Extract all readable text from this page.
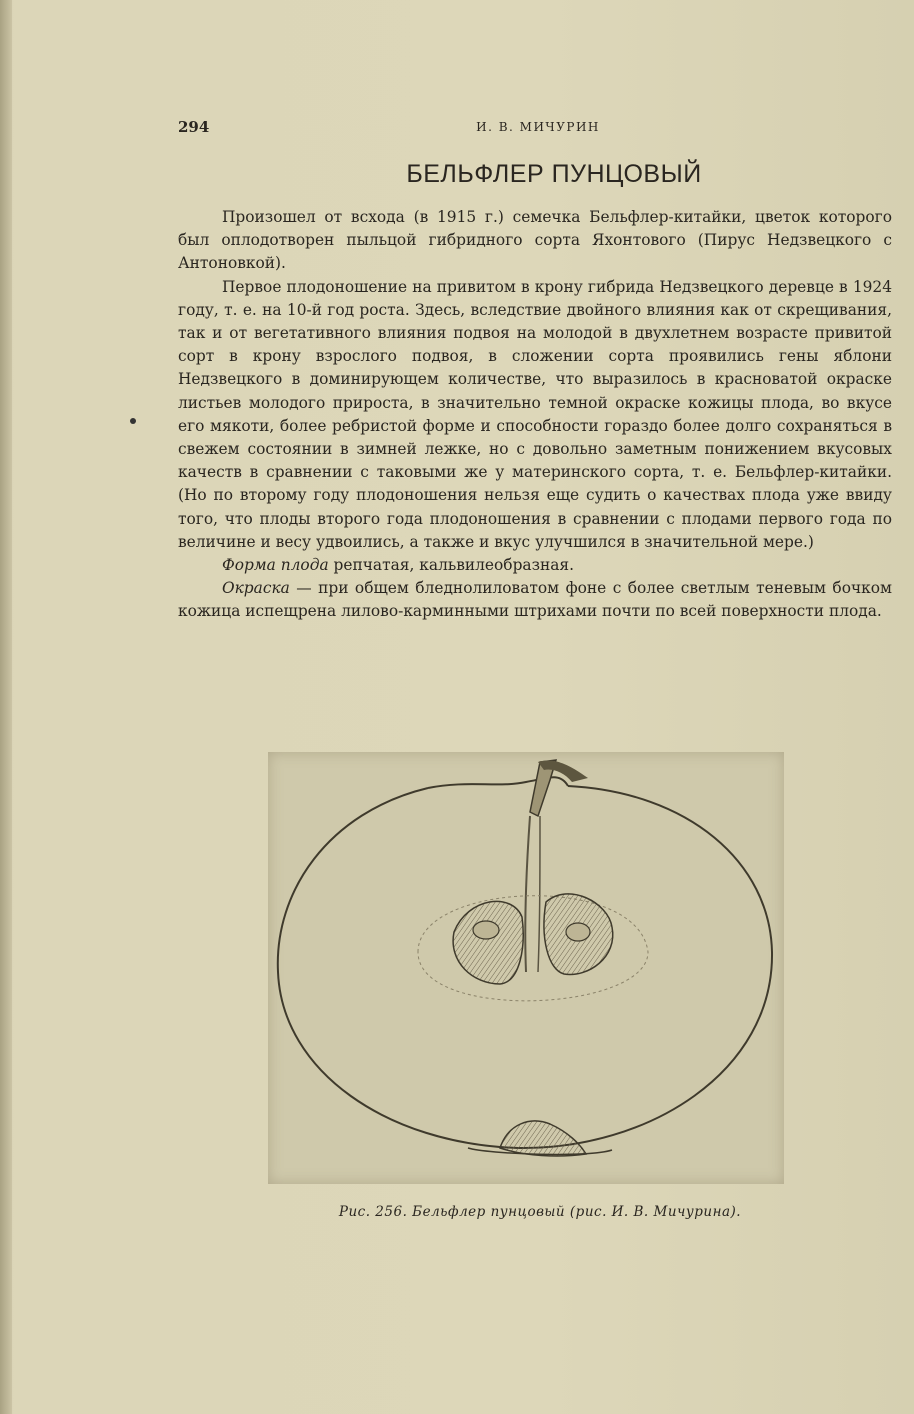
294	И. В. МИЧУРИН
БЕЛЬФЛЕР ПУНЦОВЫЙ

Произошел от всхода (в 1915 г.) семечка Бельфлер-китайки, цветок которого был оплодотворен пыльцой гибридного сорта Яхонтового (Пирус Недзвецкого с Антоновкой).

Первое плодоношение на привитом в крону гибрида Недзвецкого деревце в 1924 году, т. е. на 10-й год роста. Здесь, вследствие двойного влияния как от скрещивания, так и от вегетативного влияния подвоя на молодой в двухлетнем возрасте привитой сорт в крону взрослого подвоя, в сложении сорта проявились гены яблони Недзвецкого в доминирующем количестве, что выразилось в красноватой окраске листьев молодого прироста, в значительно темной окраске кожицы плода, во вкусе его мякоти, более ребристой форме и способности гораздо более долго сохраняться в свежем состоянии в зимней лежке, но с довольно заметным понижением вкусовых качеств в сравнении с таковыми же у материнского сорта, т. е. Бельфлер-китайки. (Но по второму году плодоношения нельзя еще судить о качествах плода уже ввиду того, что плоды второго года плодоношения в сравнении с плодами первого года по величине и весу удвоились, а также и вкус улучшился в значительной мере.)

Форма плода репчатая, кальвилеобразная.

Окраска — при общем бледнолиловатом фоне с более светлым теневым бочком кожица испещрена лилово-карминными штрихами почти по всей поверхности плода.

Рис. 256. Бельфлер пунцовый (рис. И. В. Мичурина).
